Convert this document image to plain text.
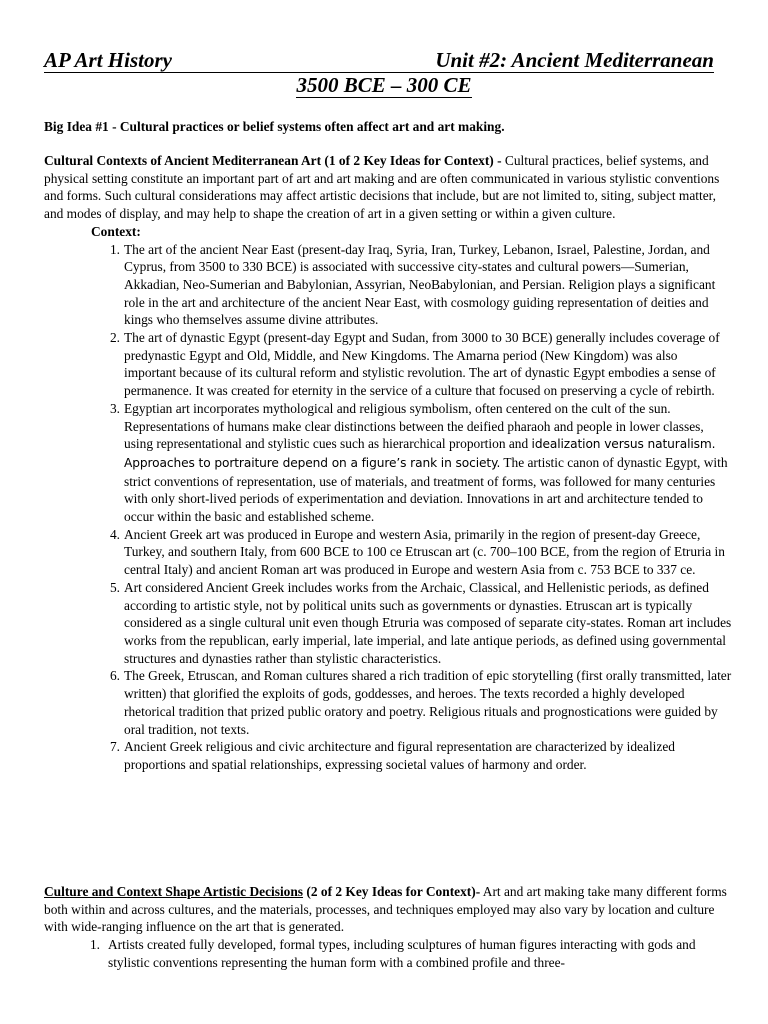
AP Art History	Unit #2: Ancient Mediterranean
3500 BCE – 300 CE

Big Idea #1 - Cultural practices or belief systems often affect art and art making.

Cultural Contexts of Ancient Mediterranean Art (1 of 2 Key Ideas for Context) - Cultural practices, belief systems, and physical setting constitute an important part of art and art making and are often communicated in various stylistic conventions and forms. Such cultural considerations may affect artistic decisions that include, but are not limited to, siting, subject matter, and modes of display, and may help to shape the creation of art in a given setting or within a given culture.

Context:

1. The art of the ancient Near East (present-day Iraq, Syria, Iran, Turkey, Lebanon, Israel, Palestine, Jordan, and Cyprus, from 3500 to 330 BCE) is associated with successive city-states and cultural powers—Sumerian, Akkadian, Neo-Sumerian and Babylonian, Assyrian, NeoBabylonian, and Persian. Religion plays a significant role in the art and architecture of the ancient Near East, with cosmology guiding representation of deities and kings who themselves assume divine attributes.
2. The art of dynastic Egypt (present-day Egypt and Sudan, from 3000 to 30 BCE) generally includes coverage of predynastic Egypt and Old, Middle, and New Kingdoms. The Amarna period (New Kingdom) was also important because of its cultural reform and stylistic revolution. The art of dynastic Egypt embodies a sense of permanence. It was created for eternity in the service of a culture that focused on preserving a cycle of rebirth.
3. Egyptian art incorporates mythological and religious symbolism, often centered on the cult of the sun. Representations of humans make clear distinctions between the deified pharaoh and people in lower classes, using representational and stylistic cues such as hierarchical proportion and idealization versus naturalism. Approaches to portraiture depend on a figure’s rank in society. The artistic canon of dynastic Egypt, with strict conventions of representation, use of materials, and treatment of forms, was followed for many centuries with only short-lived periods of experimentation and deviation. Innovations in art and architecture tended to occur within the basic and established scheme.
4. Ancient Greek art was produced in Europe and western Asia, primarily in the region of present-day Greece, Turkey, and southern Italy, from 600 BCE to 100 ce Etruscan art (c. 700–100 BCE, from the region of Etruria in central Italy) and ancient Roman art was produced in Europe and western Asia from c. 753 BCE to 337 ce.
5. Art considered Ancient Greek includes works from the Archaic, Classical, and Hellenistic periods, as defined according to artistic style, not by political units such as governments or dynasties. Etruscan art is typically considered as a single cultural unit even though Etruria was composed of separate city-states. Roman art includes works from the republican, early imperial, late imperial, and late antique periods, as defined using governmental structures and dynasties rather than stylistic characteristics.
6. The Greek, Etruscan, and Roman cultures shared a rich tradition of epic storytelling (first orally transmitted, later written) that glorified the exploits of gods, goddesses, and heroes. The texts recorded a highly developed rhetorical tradition that prized public oratory and poetry. Religious rituals and prognostications were guided by oral tradition, not texts.
7. Ancient Greek religious and civic architecture and figural representation are characterized by idealized proportions and spatial relationships, expressing societal values of harmony and order.

Culture and Context Shape Artistic Decisions (2 of 2 Key Ideas for Context)- Art and art making take many different forms both within and across cultures, and the materials, processes, and techniques employed may also vary by location and culture with wide-ranging influence on the art that is generated.

1. Artists created fully developed, formal types, including sculptures of human figures interacting with gods and stylistic conventions representing the human form with a combined profile and three-
